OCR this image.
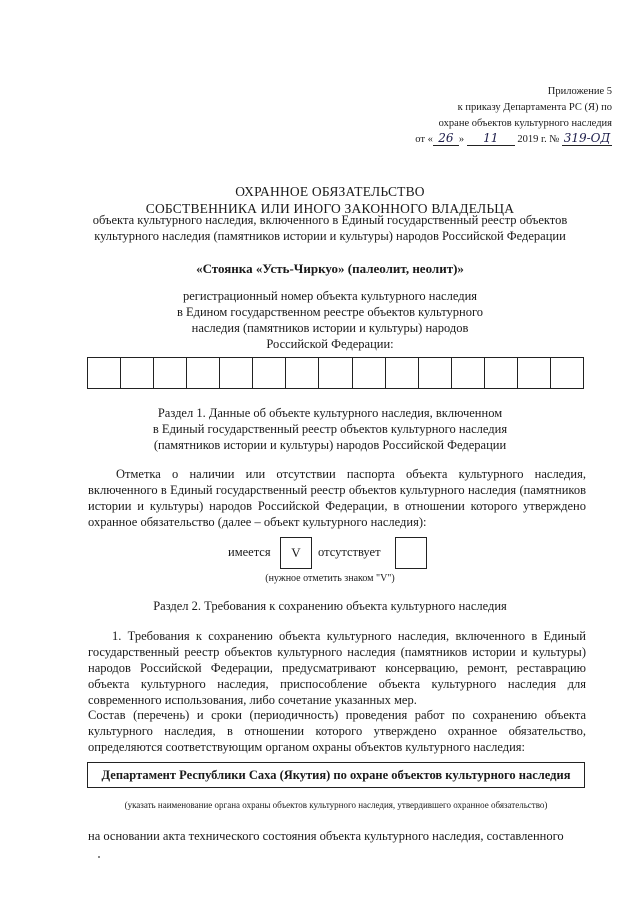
Приложение 5
к приказу Департамента РС (Я) по
охране объектов культурного наследия
от « 26 » 11 2019 г. № 319-ОД
ОХРАННОЕ ОБЯЗАТЕЛЬСТВО
СОБСТВЕННИКА ИЛИ ИНОГО ЗАКОННОГО ВЛАДЕЛЬЦА
объекта культурного наследия, включенного в Единый государственный реестр объектов
культурного наследия (памятников истории и культуры) народов Российской Федерации
«Стоянка «Усть-Чиркуо» (палеолит, неолит)»
регистрационный номер объекта культурного наследия
в Едином государственном реестре объектов культурного
наследия (памятников истории и культуры) народов
Российской Федерации:
Раздел 1. Данные об объекте культурного наследия, включенном
в Единый государственный реестр объектов культурного наследия
(памятников истории и культуры) народов Российской Федерации
Отметка о наличии или отсутствии паспорта объекта культурного наследия, включенного в Единый государственный реестр объектов культурного наследия (памятников истории и культуры) народов Российской Федерации, в отношении которого утверждено охранное обязательство (далее – объект культурного наследия):
имеется	V	отсутствует
(нужное отметить знаком "V")
Раздел 2. Требования к сохранению объекта культурного наследия
1. Требования к сохранению объекта культурного наследия, включенного в Единый государственный реестр объектов культурного наследия (памятников истории и культуры) народов Российской Федерации, предусматривают консервацию, ремонт, реставрацию объекта культурного наследия, приспособление объекта культурного наследия для современного использования, либо сочетание указанных мер.
Состав (перечень) и сроки (периодичность) проведения работ по сохранению объекта культурного наследия, в отношении которого утверждено охранное обязательство, определяются соответствующим органом охраны объектов культурного наследия:
Департамент Республики Саха (Якутия) по охране объектов культурного наследия
(указать наименование органа охраны объектов культурного наследия, утвердившего охранное обязательство)
на основании акта технического состояния объекта культурного наследия, составленного
